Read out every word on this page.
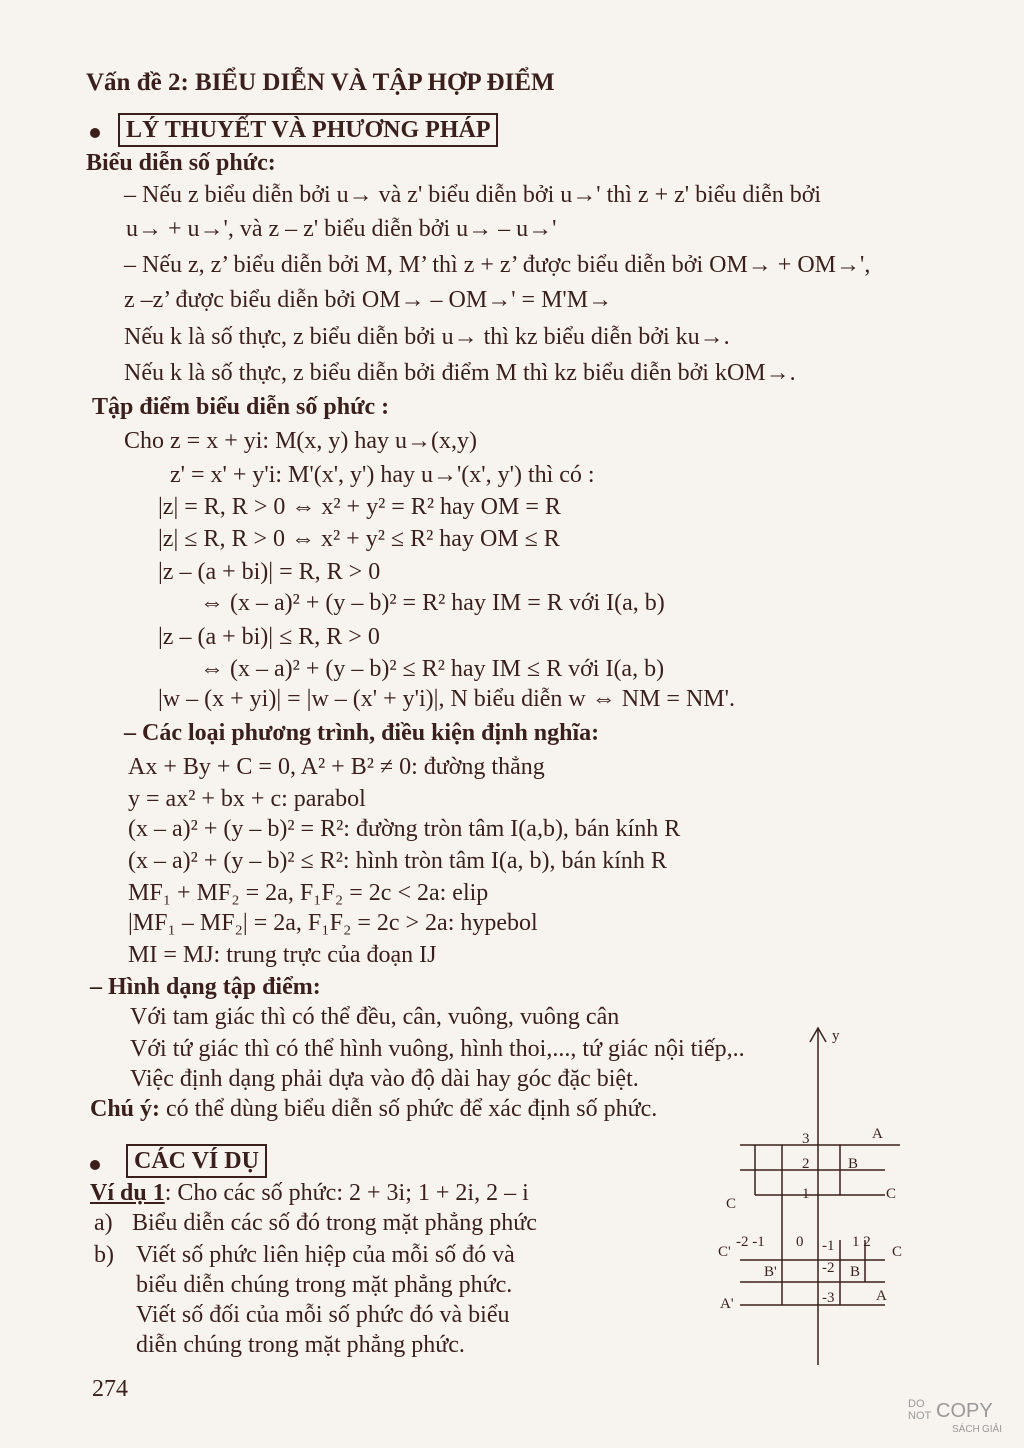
Vấn đề 2: BIỂU DIỄN VÀ TẬP HỢP ĐIỂM
LÝ THUYẾT VÀ PHƯƠNG PHÁP
Biểu diễn số phức:
– Nếu z biểu diễn bởi u→ và z' biểu diễn bởi u→' thì z + z' biểu diễn bởi
u→ + u→', và z – z' biểu diễn bởi u→ – u→'
– Nếu z, z’ biểu diễn bởi M, M’ thì z + z’ được biểu diễn bởi OM→ + OM→',
z –z’ được biểu diễn bởi OM→ – OM→' = M'M→
Nếu k là số thực, z biểu diễn bởi u→ thì kz biểu diễn bởi ku→.
Nếu k là số thực, z biểu diễn bởi điểm M thì kz biểu diễn bởi kOM→.
Tập điểm biểu diễn số phức :
Cho z = x + yi: M(x, y) hay u→(x,y)
z' = x' + y'i: M'(x', y') hay u→'(x', y') thì có :
|z| = R, R > 0 ⇔ x² + y² = R² hay OM = R
|z| ≤ R, R > 0 ⇔ x² + y² ≤ R² hay OM ≤ R
|z – (a + bi)| = R, R > 0
⇔ (x – a)² + (y – b)² = R² hay IM = R với I(a, b)
|z – (a + bi)| ≤ R, R > 0
⇔ (x – a)² + (y – b)² ≤ R² hay IM ≤ R với I(a, b)
|w – (x + yi)| = |w – (x' + y'i)|, N biểu diễn w ⇔ NM = NM'.
– Các loại phương trình, điều kiện định nghĩa:
Ax + By + C = 0, A² + B² ≠ 0: đường thẳng
y = ax² + bx + c: parabol
(x – a)² + (y – b)² = R²: đường tròn tâm I(a,b), bán kính R
(x – a)² + (y – b)² ≤ R²: hình tròn tâm I(a, b), bán kính R
MF₁ + MF₂ = 2a, F₁F₂ = 2c < 2a: elip
|MF₁ – MF₂| = 2a, F₁F₂ = 2c > 2a: hypebol
MI = MJ: trung trực của đoạn IJ
– Hình dạng tập điểm:
Với tam giác thì có thể đều, cân, vuông, vuông cân
Với tứ giác thì có thể hình vuông, hình thoi,..., tứ giác nội tiếp,..
Việc định dạng phải dựa vào độ dài hay góc đặc biệt.
Chú ý: có thể dùng biểu diễn số phức để xác định số phức.
CÁC VÍ DỤ
Ví dụ 1: Cho các số phức: 2 + 3i; 1 + 2i, 2 – i
a) Biểu diễn các số đó trong mặt phẳng phức
b) Viết số phức liên hiệp của mỗi số đó và
biểu diễn chúng trong mặt phẳng phức.
Viết số đối của mỗi số phức đó và biểu
diễn chúng trong mặt phẳng phức.
274
y
3
2
1
0 -1
-2
-3
-2 -1	1 2
A
B
C
C
C'	C
B'	B
A'	A
DO
NOT COPY
SÁCH GIẢI
